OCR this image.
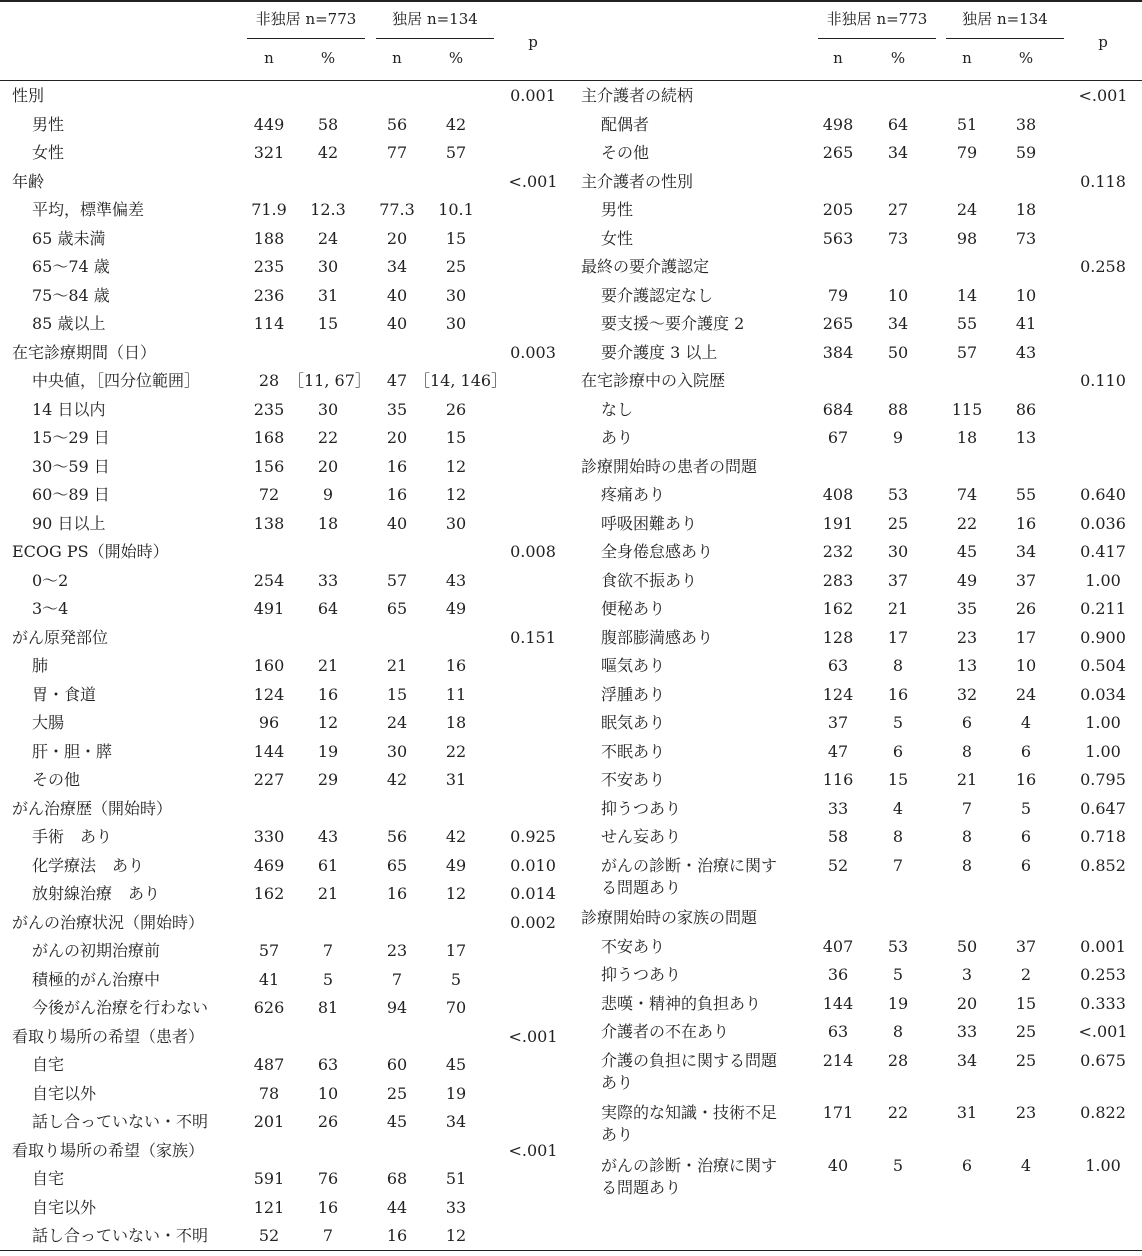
非独居 n=773	独居 n=134
n	%	n	%
p
非独居 n=773	独居 n=134
n	%	n	%
p
性別	0.001
男性	449	58	56	42
女性	321	42	77	57
年齢	<.001
平均，標準偏差	71.9	12.3	77.3	10.1
65 歳未満	188	24	20	15
65～74 歳	235	30	34	25
75～84 歳	236	31	40	30
85 歳以上	114	15	40	30
在宅診療期間（日）	0.003
中央値，［四分位範囲］	28 ［11, 67］ 47 ［14, 146］
14 日以内	235	30	35	26
15～29 日	168	22	20	15
30～59 日	156	20	16	12
60～89 日	72	9	16	12
90 日以上	138	18	40	30
ECOG PS（開始時）	0.008
0～2	254	33	57	43
3～4	491	64	65	49
がん原発部位	0.151
肺	160	21	21	16
胃・食道	124	16	15	11
大腸	96	12	24	18
肝・胆・膵	144	19	30	22
その他	227	29	42	31
がん治療歴（開始時）
手術　あり	330	43	56	42	0.925
化学療法　あり	469	61	65	49	0.010
放射線治療　あり	162	21	16	12	0.014
がんの治療状況（開始時）	0.002
がんの初期治療前	57	7	23	17
積極的がん治療中	41	5	7	5
今後がん治療を行わない	626	81	94	70
看取り場所の希望（患者）	<.001
自宅	487	63	60	45
自宅以外	78	10	25	19
話し合っていない・不明	201	26	45	34
看取り場所の希望（家族）	<.001
自宅	591	76	68	51
自宅以外	121	16	44	33
話し合っていない・不明	52	7	16	12
主介護者の続柄	<.001
配偶者	498	64	51	38
その他	265	34	79	59
主介護者の性別	0.118
男性	205	27	24	18
女性	563	73	98	73
最終の要介護認定	0.258
要介護認定なし	79	10	14	10
要支援～要介護度 2	265	34	55	41
要介護度 3 以上	384	50	57	43
在宅診療中の入院歴	0.110
なし	684	88	115	86
あり	67	9	18	13
診療開始時の患者の問題
疼痛あり	408	53	74	55	0.640
呼吸困難あり	191	25	22	16	0.036
全身倦怠感あり	232	30	45	34	0.417
食欲不振あり	283	37	49	37	1.00
便秘あり	162	21	35	26	0.211
腹部膨満感あり	128	17	23	17	0.900
嘔気あり	63	8	13	10	0.504
浮腫あり	124	16	32	24	0.034
眠気あり	37	5	6	4	1.00
不眠あり	47	6	8	6	1.00
不安あり	116	15	21	16	0.795
抑うつあり	33	4	7	5	0.647
せん妄あり	58	8	8	6	0.718
がんの診断・治療に関す
る問題あり
52	7	8	6	0.852
診療開始時の家族の問題
不安あり	407	53	50	37	0.001
抑うつあり	36	5	3	2	0.253
悲嘆・精神的負担あり	144	19	20	15	0.333
介護者の不在あり	63	8	33	25	<.001
介護の負担に関する問題
あり
214	28	34	25	0.675
実際的な知識・技術不足
あり
171	22	31	23	0.822
がんの診断・治療に関す
る問題あり
40	5	6	4	1.00
